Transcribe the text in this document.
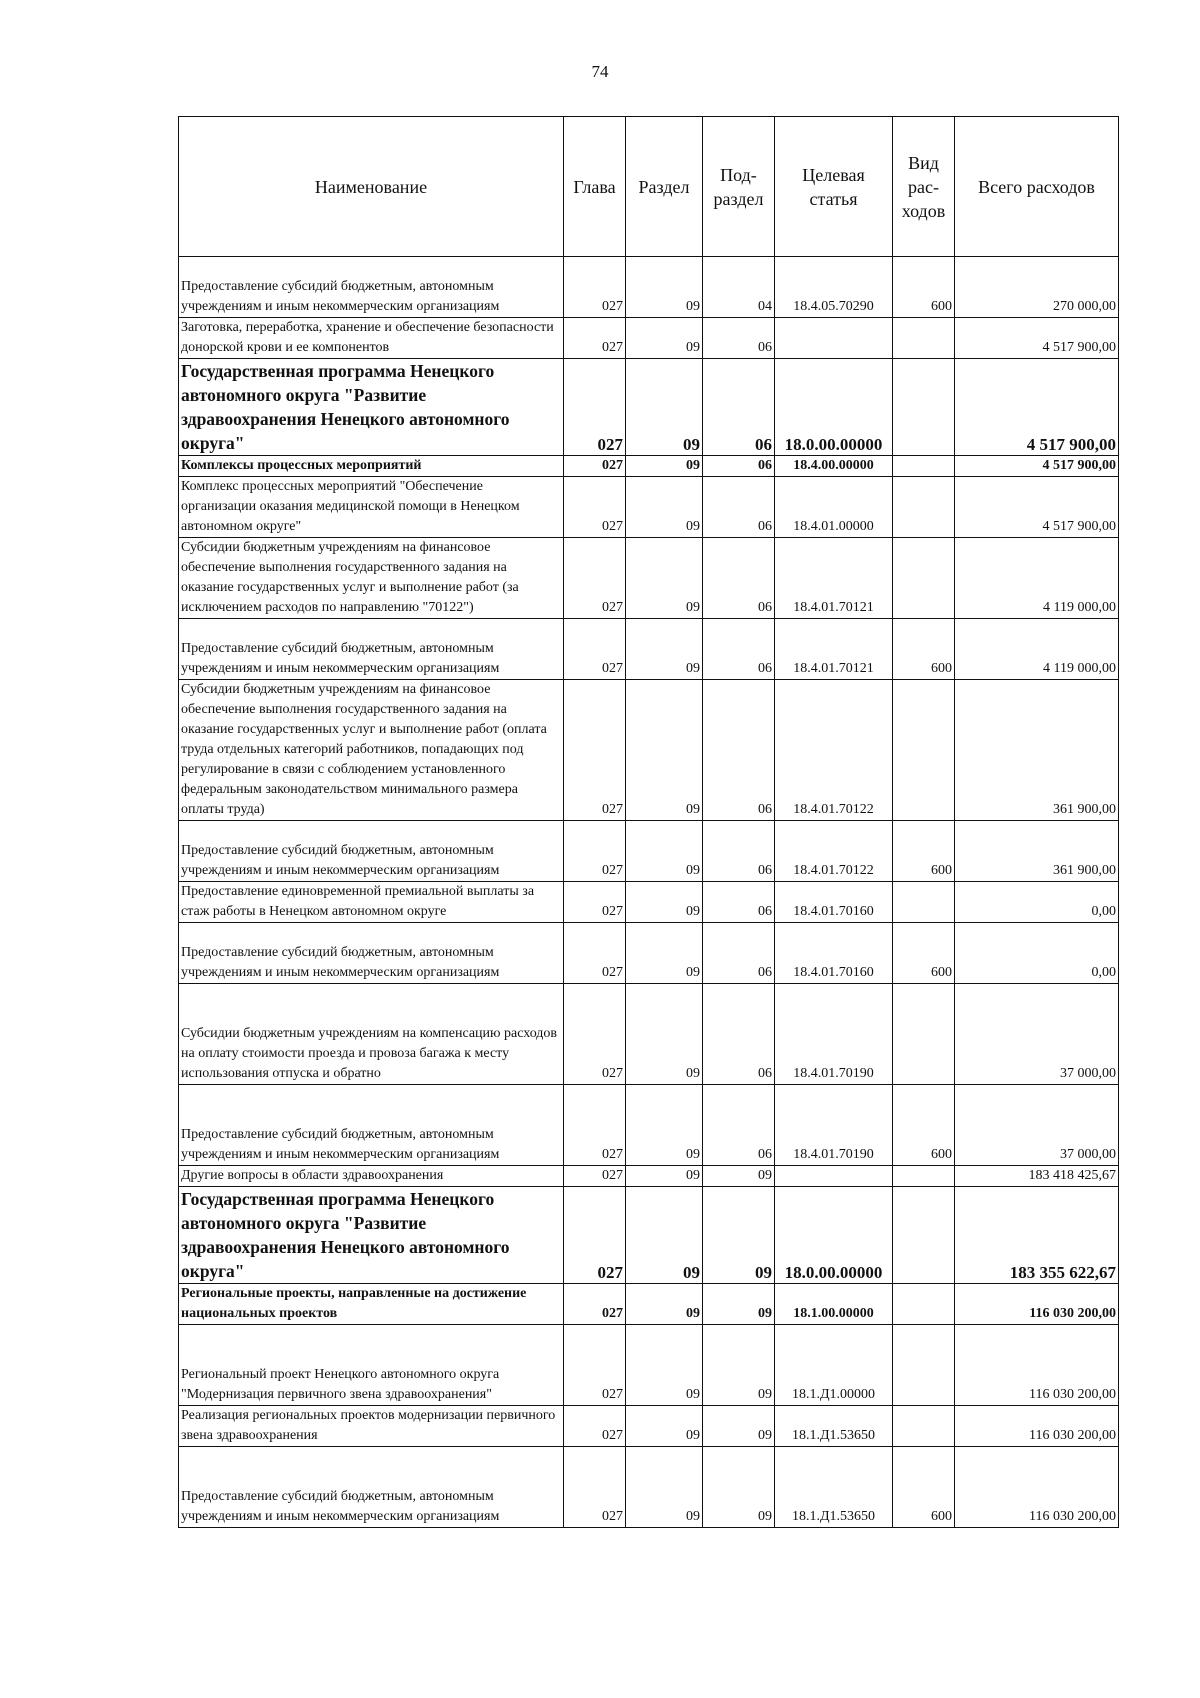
74
Наименование	Глава	Раздел	Под-раздел	Целевая статья	Вид рас-ходов	Всего расходов
Предоставление субсидий бюджетным, автономным учреждениям и иным некоммерческим организациям	027	09	04	18.4.05.70290	600	270 000,00
Заготовка, переработка, хранение и обеспечение безопасности донорской крови и ее компонентов	027	09	06			4 517 900,00
Государственная программа Ненецкого автономного округа "Развитие здравоохранения Ненецкого автономного округа"	027	09	06	18.0.00.00000		4 517 900,00
Комплексы процессных мероприятий	027	09	06	18.4.00.00000		4 517 900,00
Комплекс процессных мероприятий "Обеспечение организации оказания медицинской помощи в Ненецком автономном округе"	027	09	06	18.4.01.00000		4 517 900,00
Субсидии бюджетным учреждениям на финансовое обеспечение выполнения государственного задания на оказание государственных услуг и выполнение работ (за исключением расходов по направлению "70122")	027	09	06	18.4.01.70121		4 119 000,00
Предоставление субсидий бюджетным, автономным учреждениям и иным некоммерческим организациям	027	09	06	18.4.01.70121	600	4 119 000,00
Субсидии бюджетным учреждениям на финансовое обеспечение выполнения государственного задания на оказание государственных услуг и выполнение работ (оплата труда отдельных категорий работников, попадающих под регулирование в связи с соблюдением установленного федеральным законодательством минимального размера оплаты труда)	027	09	06	18.4.01.70122		361 900,00
Предоставление субсидий бюджетным, автономным учреждениям и иным некоммерческим организациям	027	09	06	18.4.01.70122	600	361 900,00
Предоставление единовременной премиальной выплаты за стаж работы в Ненецком автономном округе	027	09	06	18.4.01.70160		0,00
Предоставление субсидий бюджетным, автономным учреждениям и иным некоммерческим организациям	027	09	06	18.4.01.70160	600	0,00
Субсидии бюджетным учреждениям на компенсацию расходов на оплату стоимости проезда и провоза багажа к месту использования отпуска и обратно	027	09	06	18.4.01.70190		37 000,00
Предоставление субсидий бюджетным, автономным учреждениям и иным некоммерческим организациям	027	09	06	18.4.01.70190	600	37 000,00
Другие вопросы в области здравоохранения	027	09	09			183 418 425,67
Государственная программа Ненецкого автономного округа "Развитие здравоохранения Ненецкого автономного округа"	027	09	09	18.0.00.00000		183 355 622,67
Региональные проекты, направленные на достижение национальных проектов	027	09	09	18.1.00.00000		116 030 200,00
Региональный проект Ненецкого автономного округа "Модернизация первичного звена здравоохранения"	027	09	09	18.1.Д1.00000		116 030 200,00
Реализация региональных проектов модернизации первичного звена здравоохранения	027	09	09	18.1.Д1.53650		116 030 200,00
Предоставление субсидий бюджетным, автономным учреждениям и иным некоммерческим организациям	027	09	09	18.1.Д1.53650	600	116 030 200,00
